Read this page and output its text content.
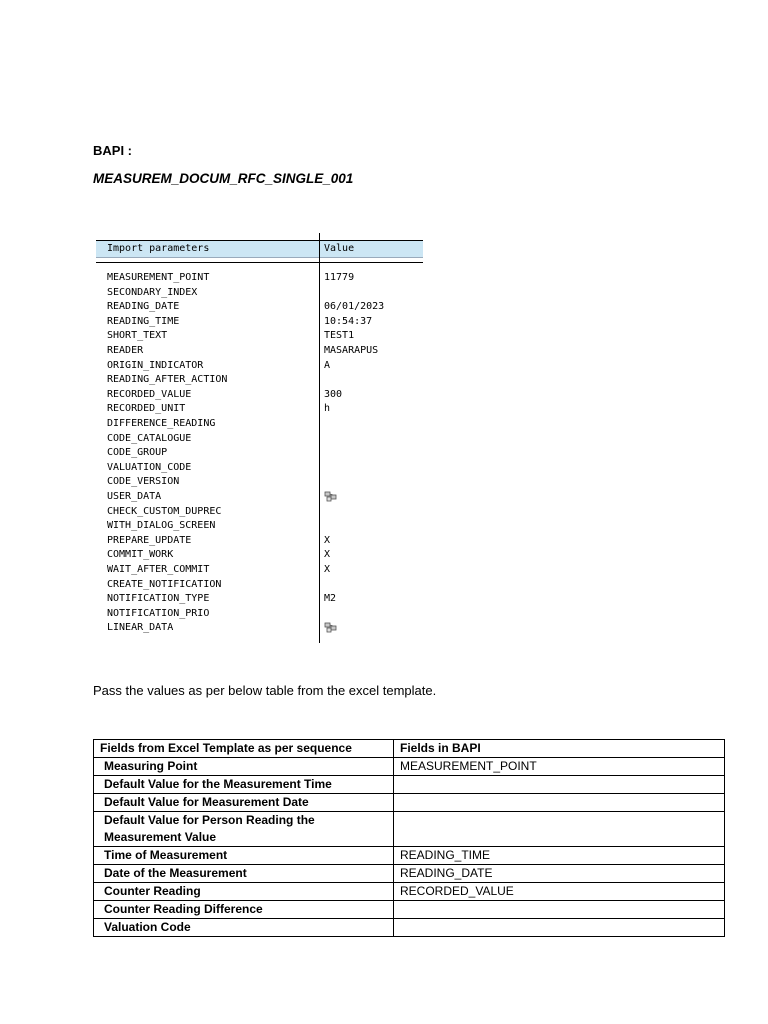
BAPI :
MEASUREM_DOCUM_RFC_SINGLE_001
Import parameters	Value
MEASUREMENT_POINT	11779
SECONDARY_INDEX
READING_DATE	06/01/2023
READING_TIME	10:54:37
SHORT_TEXT	TEST1
READER	MASARAPUS
ORIGIN_INDICATOR	A
READING_AFTER_ACTION
RECORDED_VALUE	300
RECORDED_UNIT	h
DIFFERENCE_READING
CODE_CATALOGUE
CODE_GROUP
VALUATION_CODE
CODE_VERSION
USER_DATA
CHECK_CUSTOM_DUPREC
WITH_DIALOG_SCREEN
PREPARE_UPDATE	X
COMMIT_WORK	X
WAIT_AFTER_COMMIT	X
CREATE_NOTIFICATION
NOTIFICATION_TYPE	M2
NOTIFICATION_PRIO
LINEAR_DATA
Pass the values as per below table from the excel template.
Fields from Excel Template as per sequence	Fields in BAPI
Measuring Point	MEASUREMENT_POINT
Default Value for the Measurement Time	
Default Value for Measurement Date	
Default Value for Person Reading the Measurement Value	
Time of Measurement	READING_TIME
Date of the Measurement	READING_DATE
Counter Reading	RECORDED_VALUE
Counter Reading Difference	
Valuation Code	
